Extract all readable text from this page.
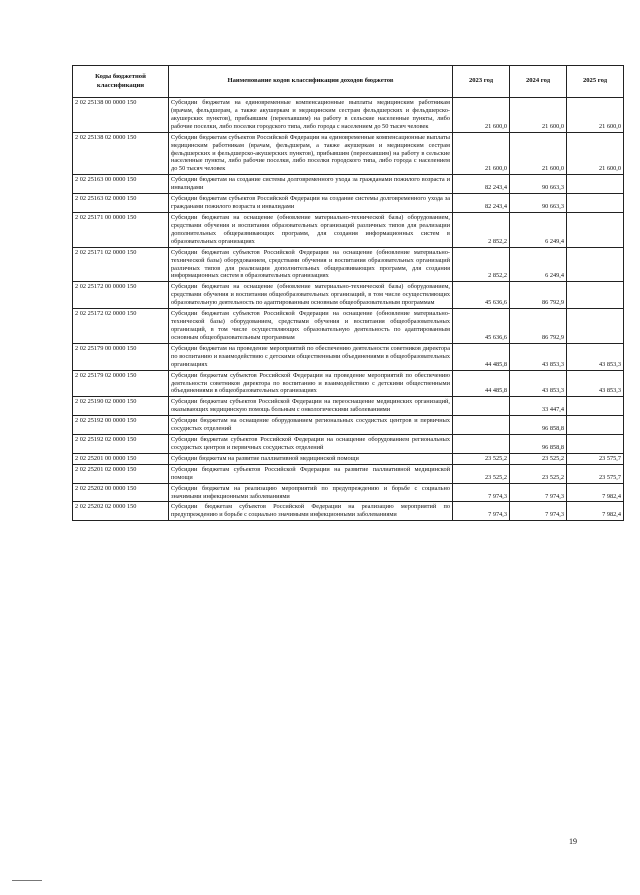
Коды бюджетной классификации	Наименование кодов классификации доходов бюджетов	2023 год	2024 год	2025 год
2 02 25138 00 0000 150	Субсидии бюджетам на единовременные компенсационные выплаты медицинским работникам (врачам, фельдшерам, а также акушеркам и медицинским сестрам фельдшерских и фельдшерско-акушерских пунктов), прибывшим (переехавшим) на работу в сельские населенные пункты, либо рабочие поселки, либо поселки городского типа, либо города с населением до 50 тысяч человек	21 600,0	21 600,0	21 600,0
2 02 25138 02 0000 150	Субсидии бюджетам субъектов Российской Федерации на единовременные компенсационные выплаты медицинским работникам (врачам, фельдшерам, а также акушеркам и медицинским сестрам фельдшерских и фельдшерско-акушерских пунктов), прибывшим (переехавшим) на работу в сельские населенные пункты, либо рабочие поселки, либо поселки городского типа, либо города с населением до 50 тысяч человек	21 600,0	21 600,0	21 600,0
2 02 25163 00 0000 150	Субсидии бюджетам на создание системы долговременного ухода за гражданами пожилого возраста и инвалидами	82 243,4	90 663,3	
2 02 25163 02 0000 150	Субсидии бюджетам субъектов Российской Федерации на создание системы долговременного ухода за гражданами пожилого возраста и инвалидами	82 243,4	90 663,3	
2 02 25171 00 0000 150	Субсидии бюджетам на оснащение (обновление материально-технической базы) оборудованием, средствами обучения и воспитания образовательных организаций различных типов для реализации дополнительных общеразвивающих программ, для создания информационных систем в образовательных организациях	2 852,2	6 249,4	
2 02 25171 02 0000 150	Субсидии бюджетам субъектов Российской Федерации на оснащение (обновление материально-технической базы) оборудованием, средствами обучения и воспитания образовательных организаций различных типов для реализации дополнительных общеразвивающих программ, для создания информационных систем в образовательных организациях	2 852,2	6 249,4	
2 02 25172 00 0000 150	Субсидии бюджетам на оснащение (обновление материально-технической базы) оборудованием, средствами обучения и воспитания общеобразовательных организаций, в том числе осуществляющих образовательную деятельность по адаптированным основным общеобразовательным программам	45 636,6	86 792,9	
2 02 25172 02 0000 150	Субсидии бюджетам субъектов Российской Федерации на оснащение (обновление материально-технической базы) оборудованием, средствами обучения и воспитания общеобразовательных организаций, в том числе осуществляющих образовательную деятельность по адаптированным основным общеобразовательным программам	45 636,6	86 792,9	
2 02 25179 00 0000 150	Субсидии бюджетам на проведение мероприятий по обеспечению деятельности советников директора по воспитанию и взаимодействию с детскими общественными объединениями в общеобразовательных организациях	44 485,8	43 853,3	43 853,3
2 02 25179 02 0000 150	Субсидии бюджетам субъектов Российской Федерации на проведение мероприятий по обеспечению деятельности советников директора по воспитанию и взаимодействию с детскими общественными объединениями в общеобразовательных организациях	44 485,8	43 853,3	43 853,3
2 02 25190 02 0000 150	Субсидии бюджетам субъектов Российской Федерации на переоснащение медицинских организаций, оказывающих медицинскую помощь больным с онкологическими заболеваниями		33 447,4	
2 02 25192 00 0000 150	Субсидии бюджетам на оснащение оборудованием региональных сосудистых центров и первичных сосудистых отделений		96 858,8	
2 02 25192 02 0000 150	Субсидии бюджетам субъектов Российской Федерации на оснащение оборудованием региональных сосудистых центров и первичных сосудистых отделений		96 858,8	
2 02 25201 00 0000 150	Субсидии бюджетам на развитие паллиативной медицинской помощи	23 525,2	23 525,2	23 575,7
2 02 25201 02 0000 150	Субсидии бюджетам субъектов Российской Федерации на развитие паллиативной медицинской помощи	23 525,2	23 525,2	23 575,7
2 02 25202 00 0000 150	Субсидии бюджетам на реализацию мероприятий по предупреждению и борьбе с социально значимыми инфекционными заболеваниями	7 974,3	7 974,3	7 982,4
2 02 25202 02 0000 150	Субсидии бюджетам субъектов Российской Федерации на реализацию мероприятий по предупреждению и борьбе с социально значимыми инфекционными заболеваниями	7 974,3	7 974,3	7 982,4
19
